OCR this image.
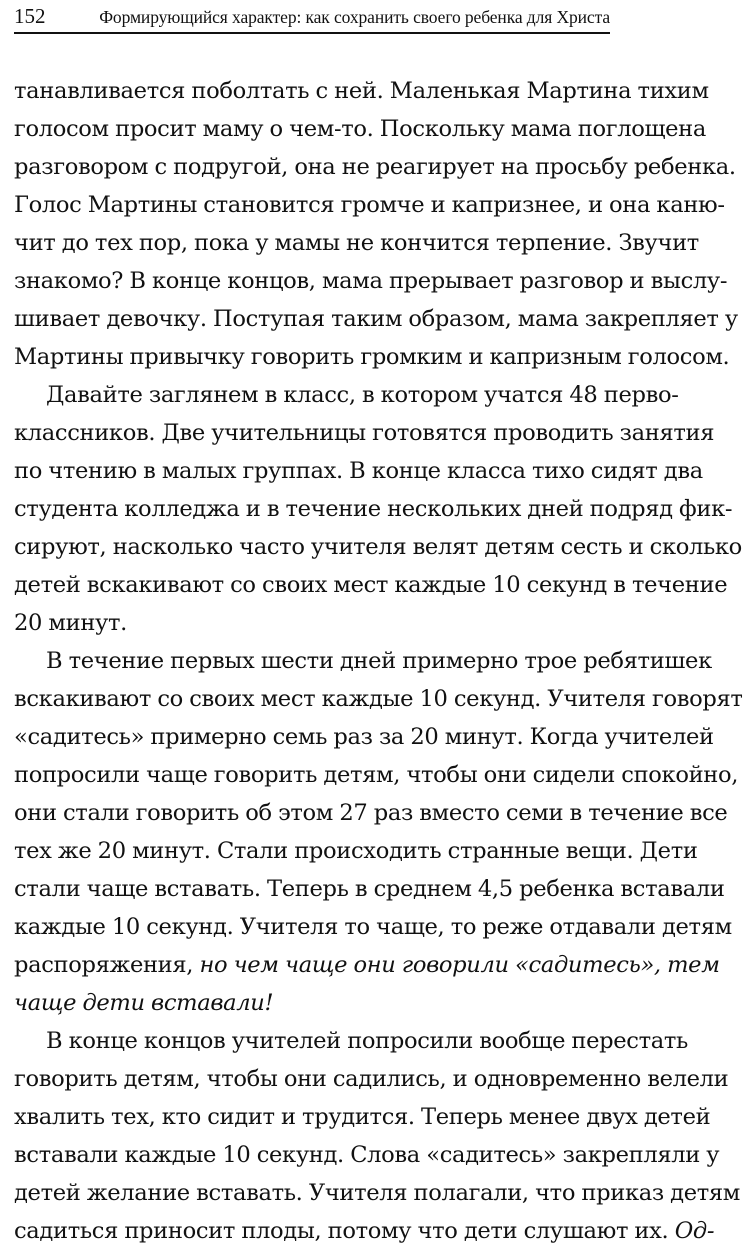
152	Формирующийся характер: как сохранить своего ребенка для Христа

танавливается поболтать с ней. Маленькая Мартина тихим
голосом просит маму о чем-то. Поскольку мама поглощена
разговором с подругой, она не реагирует на просьбу ребенка.
Голос Мартины становится громче и капризнее, и она каню-
чит до тех пор, пока у мамы не кончится терпение. Звучит
знакомо? В конце концов, мама прерывает разговор и выслу-
шивает девочку. Поступая таким образом, мама закрепляет у
Мартины привычку говорить громким и капризным голосом.

Давайте заглянем в класс, в котором учатся 48 перво-
классников. Две учительницы готовятся проводить занятия
по чтению в малых группах. В конце класса тихо сидят два
студента колледжа и в течение нескольких дней подряд фик-
сируют, насколько часто учителя велят детям сесть и сколько
детей вскакивают со своих мест каждые 10 секунд в течение
20 минут.

В течение первых шести дней примерно трое ребятишек
вскакивают со своих мест каждые 10 секунд. Учителя говорят
«садитесь» примерно семь раз за 20 минут. Когда учителей
попросили чаще говорить детям, чтобы они сидели спокойно,
они стали говорить об этом 27 раз вместо семи в течение все
тех же 20 минут. Стали происходить странные вещи. Дети
стали чаще вставать. Теперь в среднем 4,5 ребенка вставали
каждые 10 секунд. Учителя то чаще, то реже отдавали детям
распоряжения, но чем чаще они говорили «садитесь», тем
чаще дети вставали!

В конце концов учителей попросили вообще перестать
говорить детям, чтобы они садились, и одновременно велели
хвалить тех, кто сидит и трудится. Теперь менее двух детей
вставали каждые 10 секунд. Слова «садитесь» закрепляли у
детей желание вставать. Учителя полагали, что приказ детям
садиться приносит плоды, потому что дети слушают их. Од-
